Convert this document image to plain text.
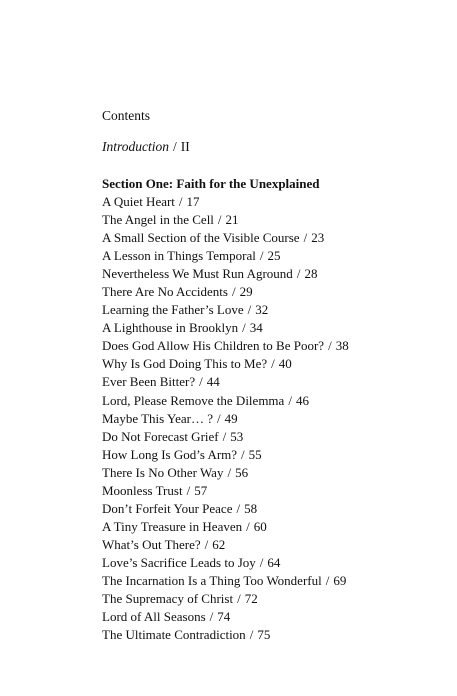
Contents
Introduction / II
Section One: Faith for the Unexplained
A Quiet Heart / 17
The Angel in the Cell / 21
A Small Section of the Visible Course / 23
A Lesson in Things Temporal / 25
Nevertheless We Must Run Aground / 28
There Are No Accidents / 29
Learning the Father’s Love / 32
A Lighthouse in Brooklyn / 34
Does God Allow His Children to Be Poor? / 38
Why Is God Doing This to Me? / 40
Ever Been Bitter? / 44
Lord, Please Remove the Dilemma / 46
Maybe This Year… ? / 49
Do Not Forecast Grief / 53
How Long Is God’s Arm? / 55
There Is No Other Way / 56
Moonless Trust / 57
Don’t Forfeit Your Peace / 58
A Tiny Treasure in Heaven / 60
What’s Out There? / 62
Love’s Sacrifice Leads to Joy / 64
The Incarnation Is a Thing Too Wonderful / 69
The Supremacy of Christ / 72
Lord of All Seasons / 74
The Ultimate Contradiction / 75
